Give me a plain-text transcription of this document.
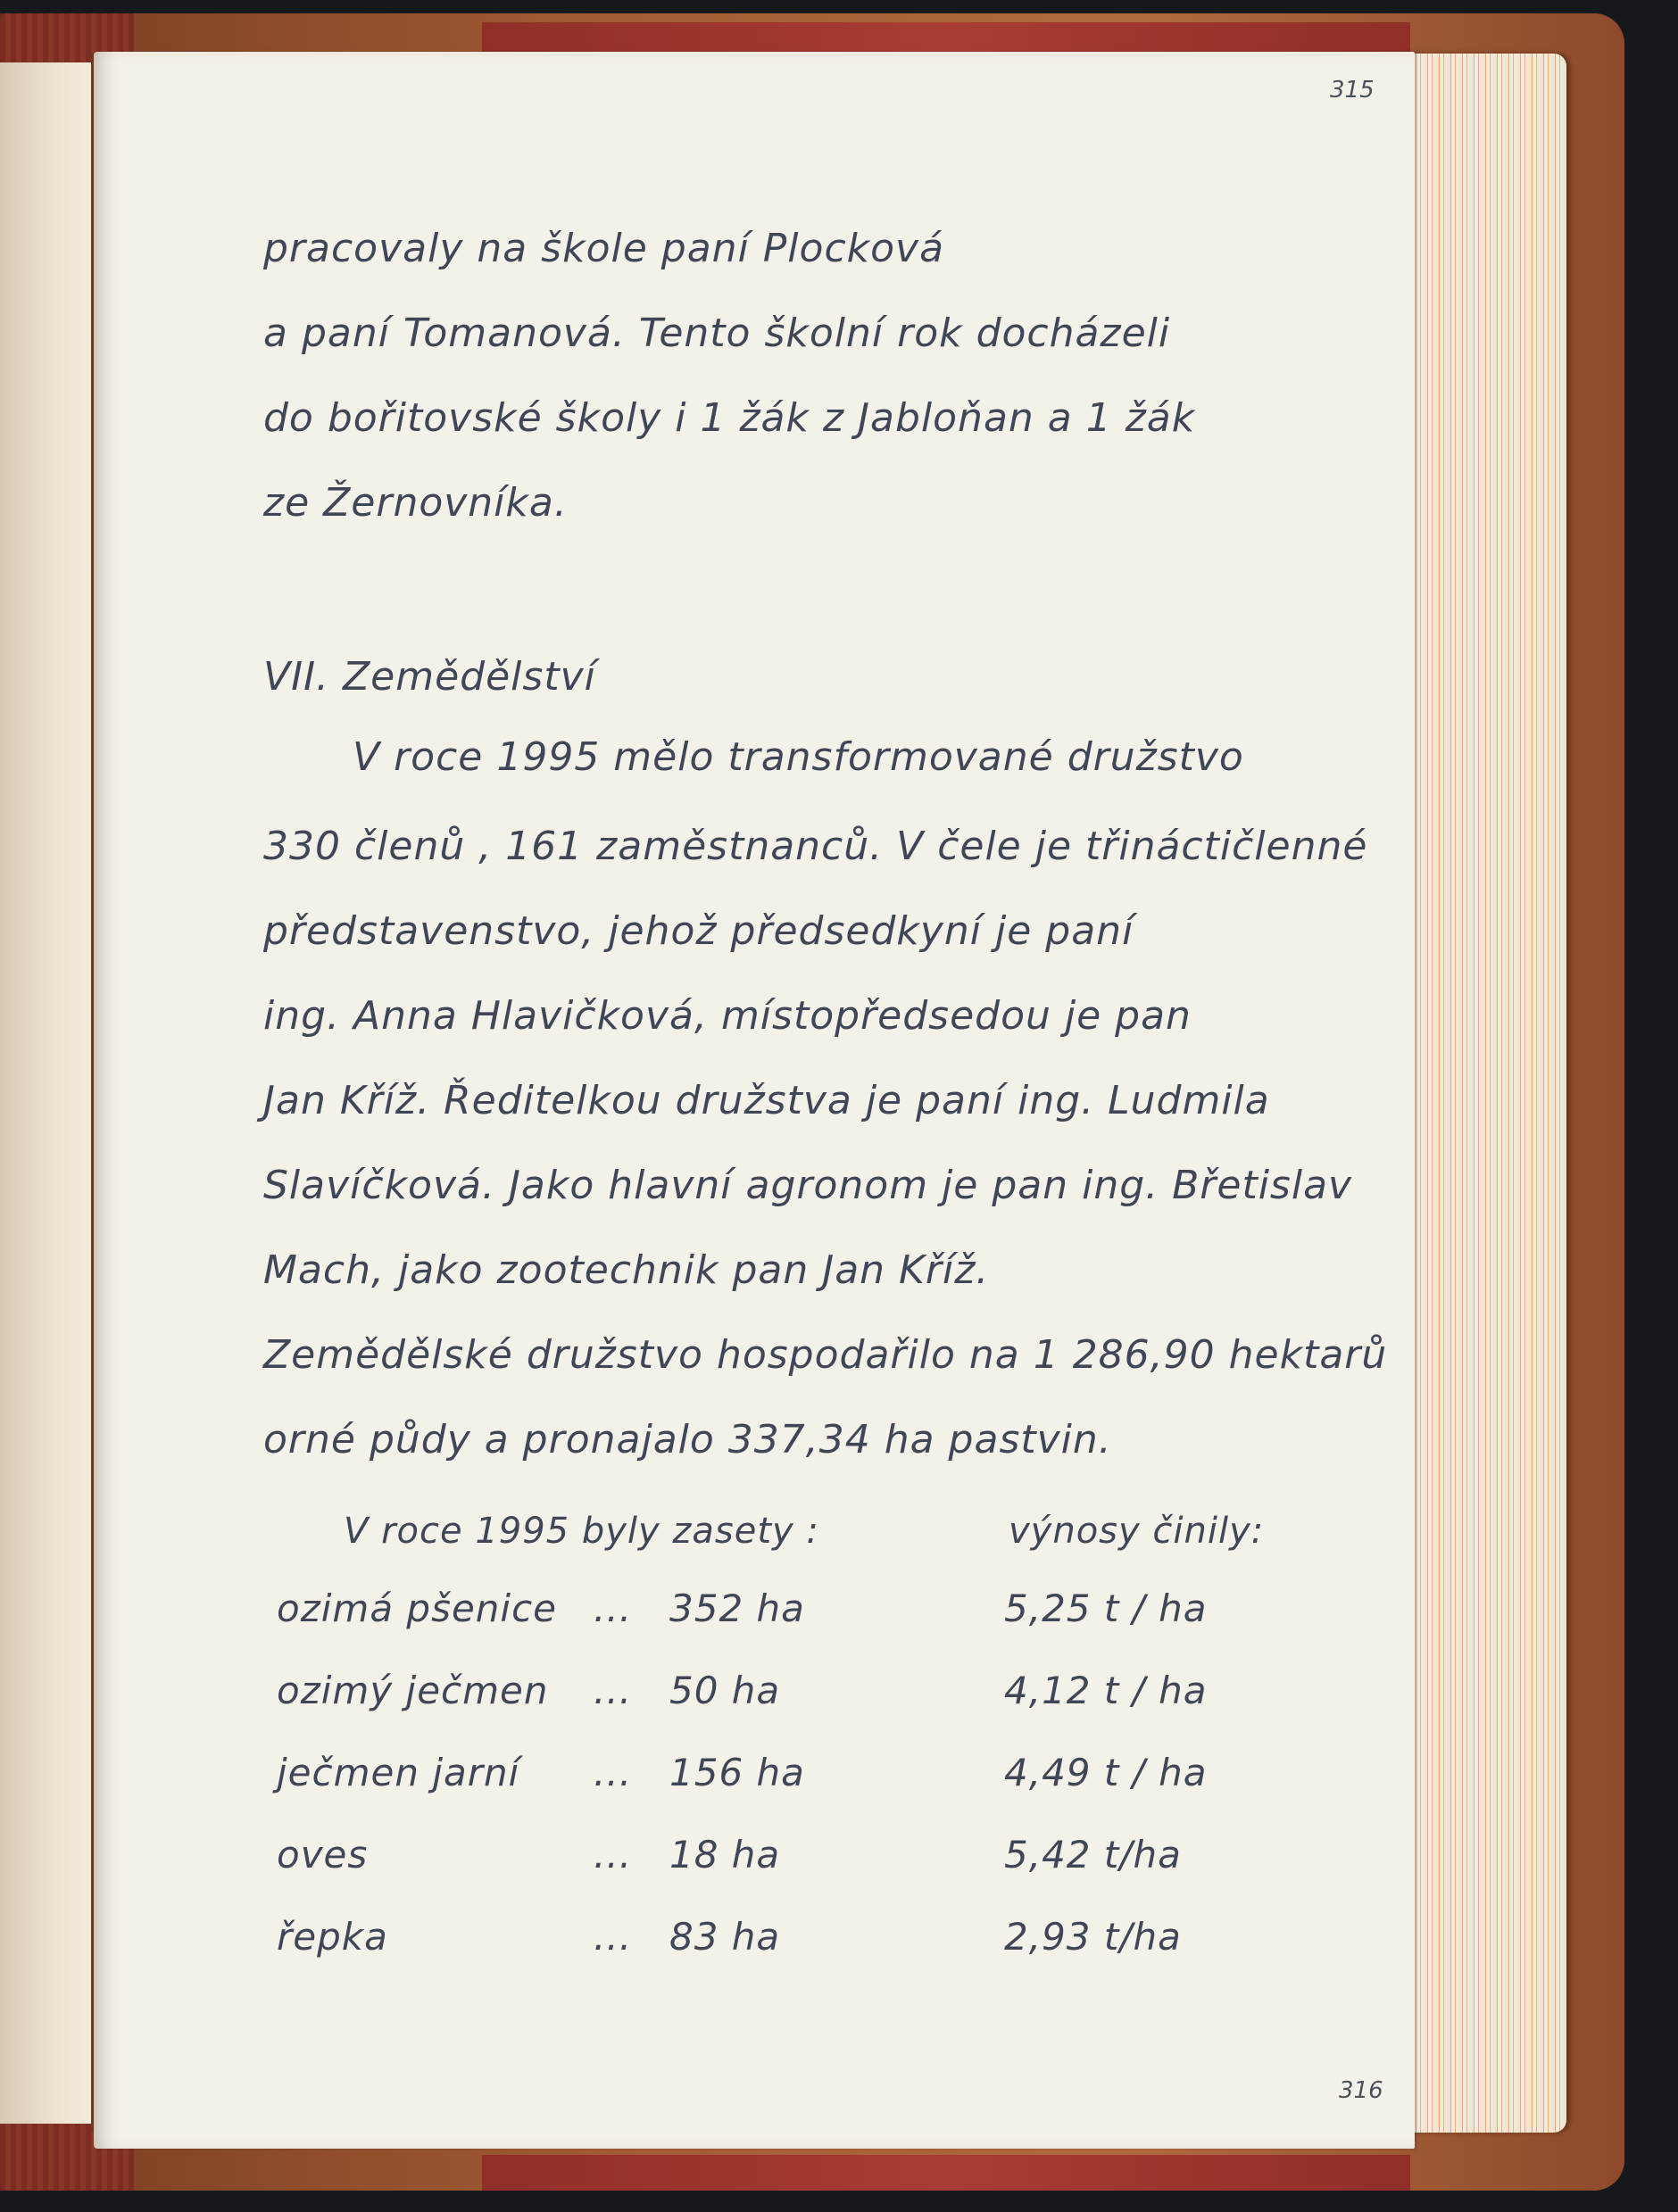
315

pracovaly na škole paní Plocková

a paní Tomanová. Tento školní rok docházeli

do bořitovské školy i 1 žák z Jabloňan a 1 žák

ze Žernovníka.

VII. Zemědělství

V roce 1995 mělo transformované družstvo

330 členů , 161 zaměstnanců. V čele je třináctičlenné

představenstvo, jehož předsedkyní je paní

ing. Anna Hlavičková, místopředsedou je pan

Jan Kříž. Ředitelkou družstva je paní ing. Ludmila

Slavíčková. Jako hlavní agronom je pan ing. Břetislav

Mach, jako zootechnik pan Jan Kříž.

Zemědělské družstvo hospodařilo na 1 286,90 hektarů

orné půdy a pronajalo 337,34 ha pastvin.

V roce 1995 byly zasety :	výnosy činily:

ozimá pšenice ... 352 ha	5,25 t / ha

ozimý ječmen ... 50 ha	4,12 t / ha

ječmen jarní ... 156 ha	4,49 t / ha

oves	... 18 ha	5,42 t/ha

řepka	... 83 ha	2,93 t/ha

316
